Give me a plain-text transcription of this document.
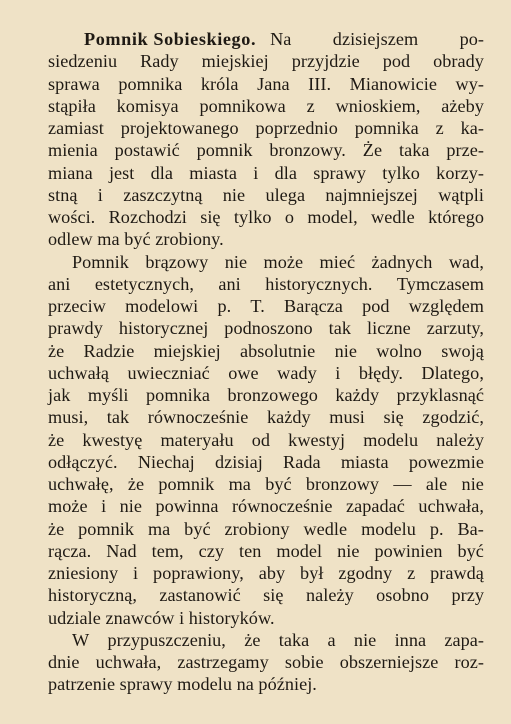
Pomnik Sobieskiego. Na dzisiejszem po-
siedzeniu Rady miejskiej przyjdzie pod obrady
sprawa pomnika króla Jana III. Mianowicie wy-
stąpiła komisya pomnikowa z wnioskiem, ażeby
zamiast projektowanego poprzednio pomnika z ka-
mienia postawić pomnik bronzowy. Że taka prze-
miana jest dla miasta i dla sprawy tylko korzy-
stną i zaszczytną nie ulega najmniejszej wątpli
wości. Rozchodzi się tylko o model, wedle którego
odlew ma być zrobiony.
Pomnik brązowy nie może mieć żadnych wad,
ani estetycznych, ani historycznych. Tymczasem
przeciw modelowi p. T. Barącza pod względem
prawdy historycznej podnoszono tak liczne zarzuty,
że Radzie miejskiej absolutnie nie wolno swoją
uchwałą uwieczniać owe wady i błędy. Dlatego,
jak myśli pomnika bronzowego każdy przyklasnąć
musi, tak równocześnie każdy musi się zgodzić,
że kwestyę materyału od kwestyj modelu należy
odłączyć. Niechaj dzisiaj Rada miasta powezmie
uchwałę, że pomnik ma być bronzowy — ale nie
może i nie powinna równocześnie zapadać uchwała,
że pomnik ma być zrobiony wedle modelu p. Ba-
rącza. Nad tem, czy ten model nie powinien być
zniesiony i poprawiony, aby był zgodny z prawdą
historyczną, zastanowić się należy osobno przy
udziale znawców i historyków.
W przypuszczeniu, że taka a nie inna zapa-
dnie uchwała, zastrzegamy sobie obszerniejsze roz-
patrzenie sprawy modelu na później.
